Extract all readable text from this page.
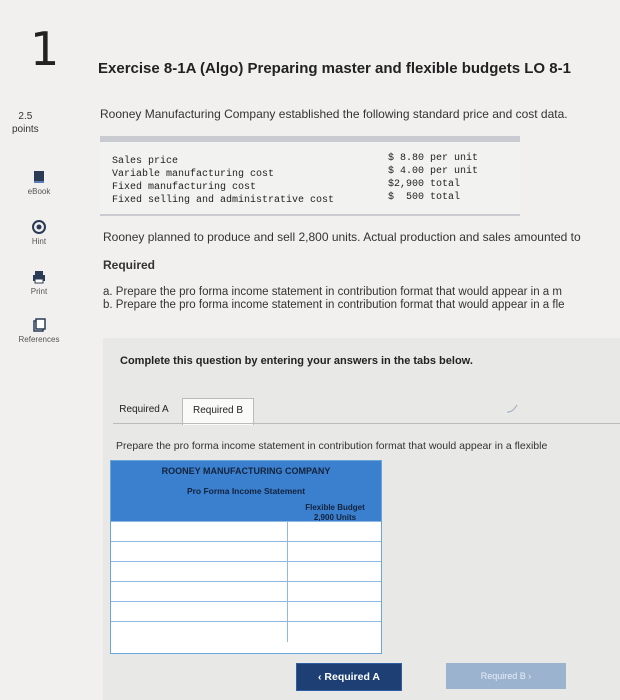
1
2.5
points
eBook
Hint
Print
References
Exercise 8-1A (Algo) Preparing master and flexible budgets LO 8-1
Rooney Manufacturing Company established the following standard price and cost data.
Sales price	$ 8.80 per unit
Variable manufacturing cost	$ 4.00 per unit
Fixed manufacturing cost	$2,900 total
Fixed selling and administrative cost	$  500 total
Rooney planned to produce and sell 2,800 units. Actual production and sales amounted to
Required
a. Prepare the pro forma income statement in contribution format that would appear in a m
b. Prepare the pro forma income statement in contribution format that would appear in a fle
Complete this question by entering your answers in the tabs below.
Required A	Required B
Prepare the pro forma income statement in contribution format that would appear in a flexible
ROONEY MANUFACTURING COMPANY
Pro Forma Income Statement
Flexible Budget
2,900 Units
‹ Required A	Required B ›
